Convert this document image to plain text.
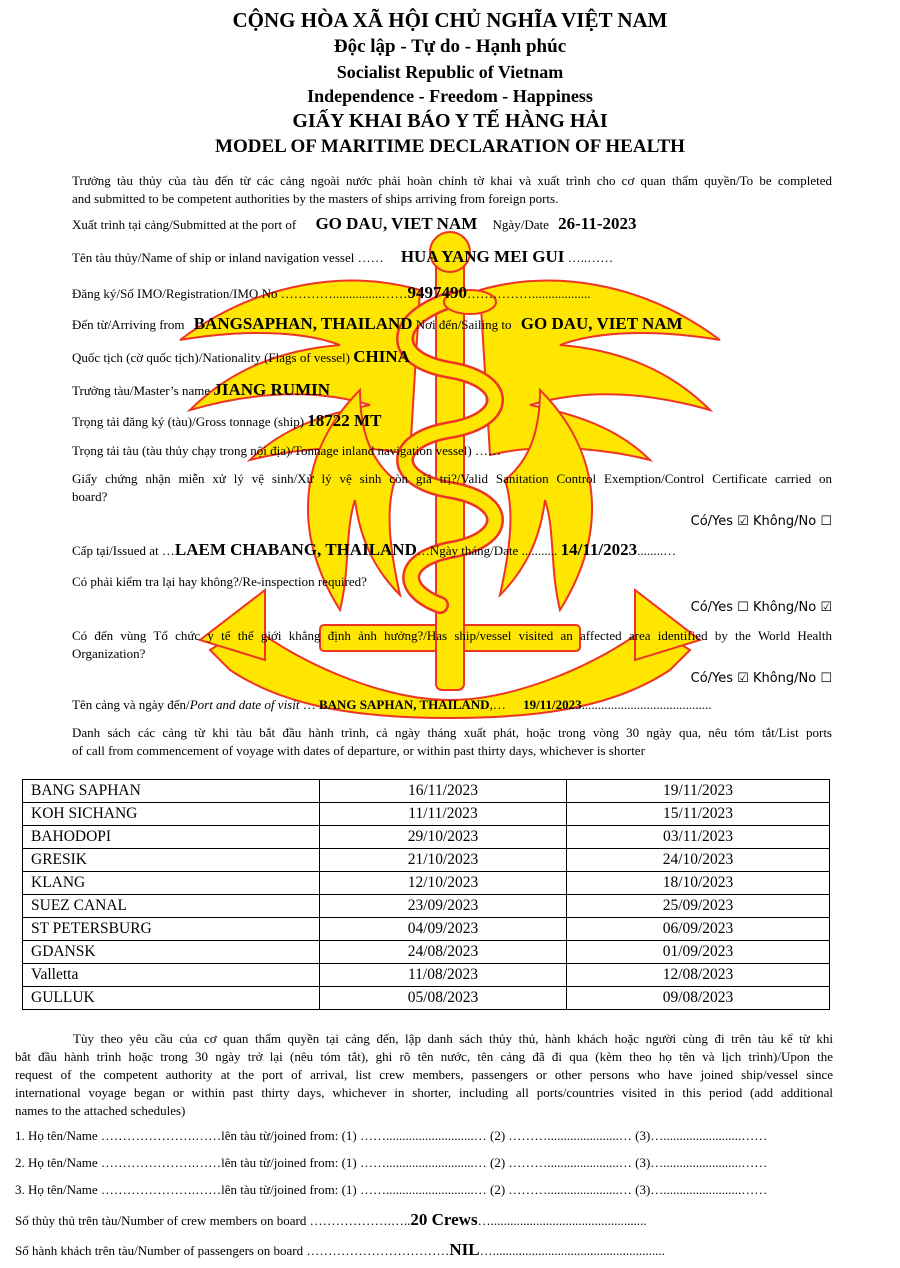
CỘNG HÒA XÃ HỘI CHỦ NGHĨA VIỆT NAM
Độc lập - Tự do - Hạnh phúc
Socialist Republic of Vietnam
Independence - Freedom - Happiness
GIẤY KHAI BÁO Y TẾ HÀNG HẢI
MODEL OF MARITIME DECLARATION OF HEALTH
Trưởng tàu thủy của tàu đến từ các cảng ngoài nước phải hoàn chỉnh tờ khai và xuất trình cho cơ quan thẩm quyền/To be completed
and submitted to be competent authorities by the masters of ships arriving from foreign ports.
Xuất trình tại cảng/Submitted at the port of GO DAU, VIET NAM Ngày/Date 26-11-2023
Tên tàu thủy/Name of ship or inland navigation vessel …… HUA YANG MEI GUI …..……
Đăng ký/Số IMO/Registration/IMO No …………...............……9497490……………..................
Đến từ/Arriving from BANGSAPHAN, THAILAND Nơi đến/Sailing to GO DAU, VIET NAM
Quốc tịch (cờ quốc tịch)/Nationality (Flags of vessel) CHINA
Trưởng tàu/Master’s name JIANG RUMIN
Trọng tải đăng ký (tàu)/Gross tonnage (ship) 18722 MT
Trọng tải tàu (tàu thủy chạy trong nội địa)/Tonnage inland navigation vessel) ……
Giấy chứng nhận miễn xử lý vệ sinh/Xử lý vệ sinh còn giá trị?/Valid Sanitation Control Exemption/Control Certificate carried on
board?
Có/Yes ☑ Không/No ☐
Cấp tại/Issued at …LAEM CHABANG, THAILAND…Ngày tháng/Date ........... 14/11/2023........…
Có phải kiểm tra lại hay không?/Re-inspection required?
Có/Yes ☐ Không/No ☑
Có đến vùng Tổ chức y tế thế giới khẳng định ảnh hưởng?/Has ship/vessel visited an affected area identified by the World Health
Organization?
Có/Yes ☑ Không/No ☐
Tên cảng và ngày đến/Port and date of visit … BANG SAPHAN, THAILAND,… 19/11/2023........................................
Danh sách các cảng từ khi tàu bắt đầu hành trình, cả ngày tháng xuất phát, hoặc trong vòng 30 ngày qua, nêu tóm tắt/List ports
of call from commencement of voyage with dates of departure, or within past thirty days, whichever is shorter
BANG SAPHAN	16/11/2023	19/11/2023
KOH SICHANG	11/11/2023	15/11/2023
BAHODOPI	29/10/2023	03/11/2023
GRESIK	21/10/2023	24/10/2023
KLANG	12/10/2023	18/10/2023
SUEZ CANAL	23/09/2023	25/09/2023
ST PETERSBURG	04/09/2023	06/09/2023
GDANSK	24/08/2023	01/09/2023
Valletta	11/08/2023	12/08/2023
GULLUK	05/08/2023	09/08/2023
Tùy theo yêu cầu của cơ quan thẩm quyền tại cảng đến, lập danh sách thủy thủ, hành khách hoặc người cùng đi trên tàu kể từ khi
bắt đầu hành trình hoặc trong 30 ngày trở lại (nêu tóm tắt), ghi rõ tên nước, tên cảng đã đi qua (kèm theo họ tên và lịch trình)/Upon the
request of the competent authority at the port of arrival, list crew members, passengers or other persons who have joined ship/vessel since
international voyage began or within past thirty days, whichever in shorter, including all ports/countries visited in this period (add additional
names to the attached schedules)
1. Họ tên/Name ………………….……lên tàu từ/joined from: (1) ……...........................… (2) ………......................… (3)…........................……
2. Họ tên/Name ………………….……lên tàu từ/joined from: (1) ……...........................… (2) ………......................… (3)…........................……
3. Họ tên/Name ………………….……lên tàu từ/joined from: (1) ……...........................… (2) ………......................… (3)…........................……
Số thủy thủ trên tàu/Number of crew members on board ……………….…..20 Crews…................................................
Số hành khách trên tàu/Number of passengers on board ……………………………NIL….....................................................
